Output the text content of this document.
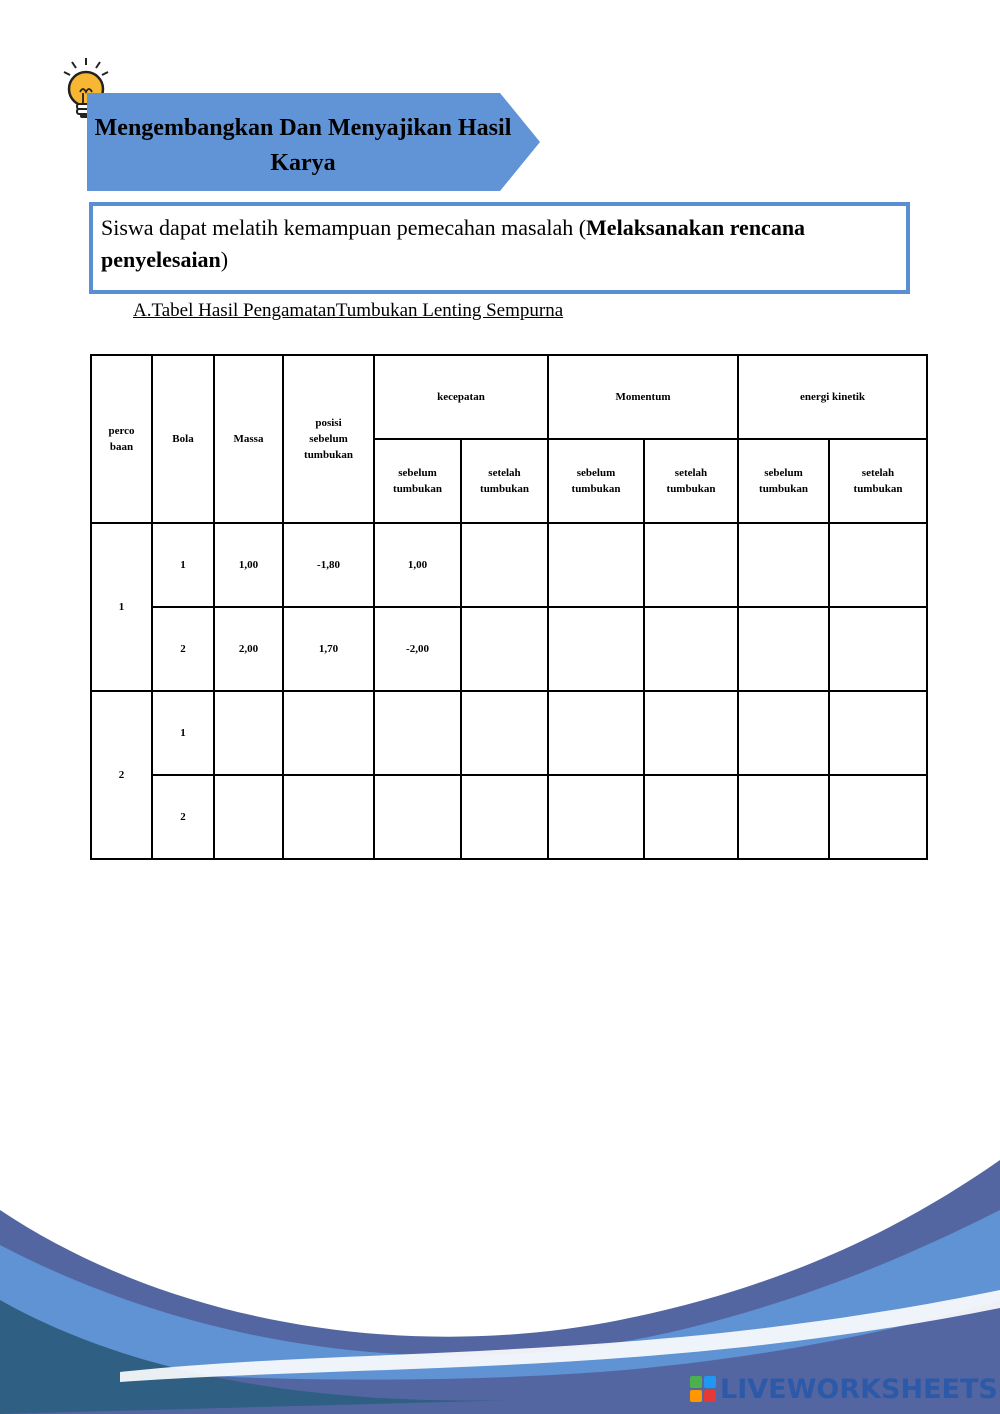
Mengembangkan Dan Menyajikan Hasil
Karya
Siswa dapat melatih kemampuan pemecahan masalah (Melaksanakan rencana penyelesaian)
A.Tabel Hasil PengamatanTumbukan Lenting Sempurna
perco baan	Bola	Massa	posisi sebelum tumbukan	kecepatan		Momentum		energi kinetik	

				sebelum tumbukan	setelah tumbukan	sebelum tumbukan	setelah tumbukan	sebelum tumbukan	setelah tumbukan

1	1	1,00	-1,80	1,00					
	2	2,00	1,70	-2,00					
2	1								
	2								
LIVEWORKSHEETS
